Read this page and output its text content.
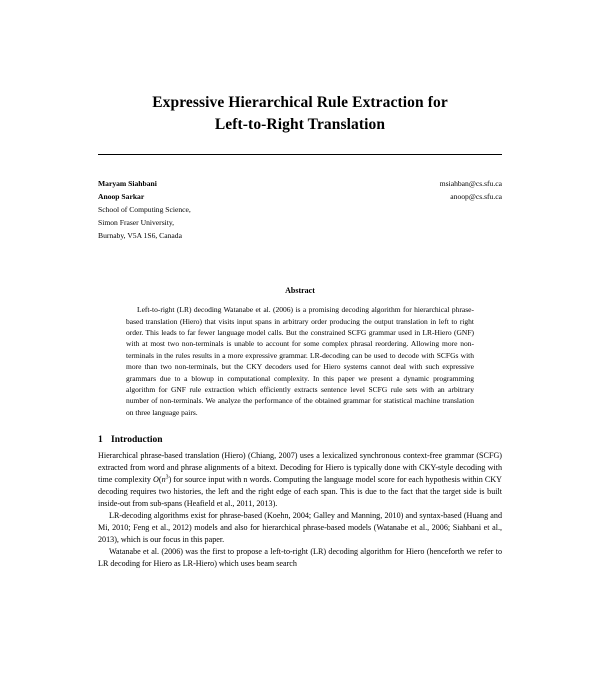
Expressive Hierarchical Rule Extraction for
Left-to-Right Translation
Maryam Siahbani
Anoop Sarkar
School of Computing Science,
Simon Fraser University,
Burnaby, V5A 1S6, Canada
msiahban@cs.sfu.ca
anoop@cs.sfu.ca
Abstract
Left-to-right (LR) decoding Watanabe et al. (2006) is a promising decoding algorithm for hierarchical phrase-based translation (Hiero) that visits input spans in arbitrary order producing the output translation in left to right order. This leads to far fewer language model calls. But the constrained SCFG grammar used in LR-Hiero (GNF) with at most two non-terminals is unable to account for some complex phrasal reordering. Allowing more non-terminals in the rules results in a more expressive grammar. LR-decoding can be used to decode with SCFGs with more than two non-terminals, but the CKY decoders used for Hiero systems cannot deal with such expressive grammars due to a blowup in computational complexity. In this paper we present a dynamic programming algorithm for GNF rule extraction which efficiently extracts sentence level SCFG rule sets with an arbitrary number of non-terminals. We analyze the performance of the obtained grammar for statistical machine translation on three language pairs.
1 Introduction

Hierarchical phrase-based translation (Hiero) (Chiang, 2007) uses a lexicalized synchronous context-free grammar (SCFG) extracted from word and phrase alignments of a bitext. Decoding for Hiero is typically done with CKY-style decoding with time complexity $O(n^3)$ for source input with n words. Computing the language model score for each hypothesis within CKY decoding requires two histories, the left and the right edge of each span. This is due to the fact that the target side is built inside-out from sub-spans (Heafield et al., 2011, 2013).

LR-decoding algorithms exist for phrase-based (Koehn, 2004; Galley and Manning, 2010) and syntax-based (Huang and Mi, 2010; Feng et al., 2012) models and also for hierarchical phrase-based models (Watanabe et al., 2006; Siahbani et al., 2013), which is our focus in this paper.

Watanabe et al. (2006) was the first to propose a left-to-right (LR) decoding algorithm for Hiero (henceforth we refer to LR decoding for Hiero as LR-Hiero) which uses beam search
